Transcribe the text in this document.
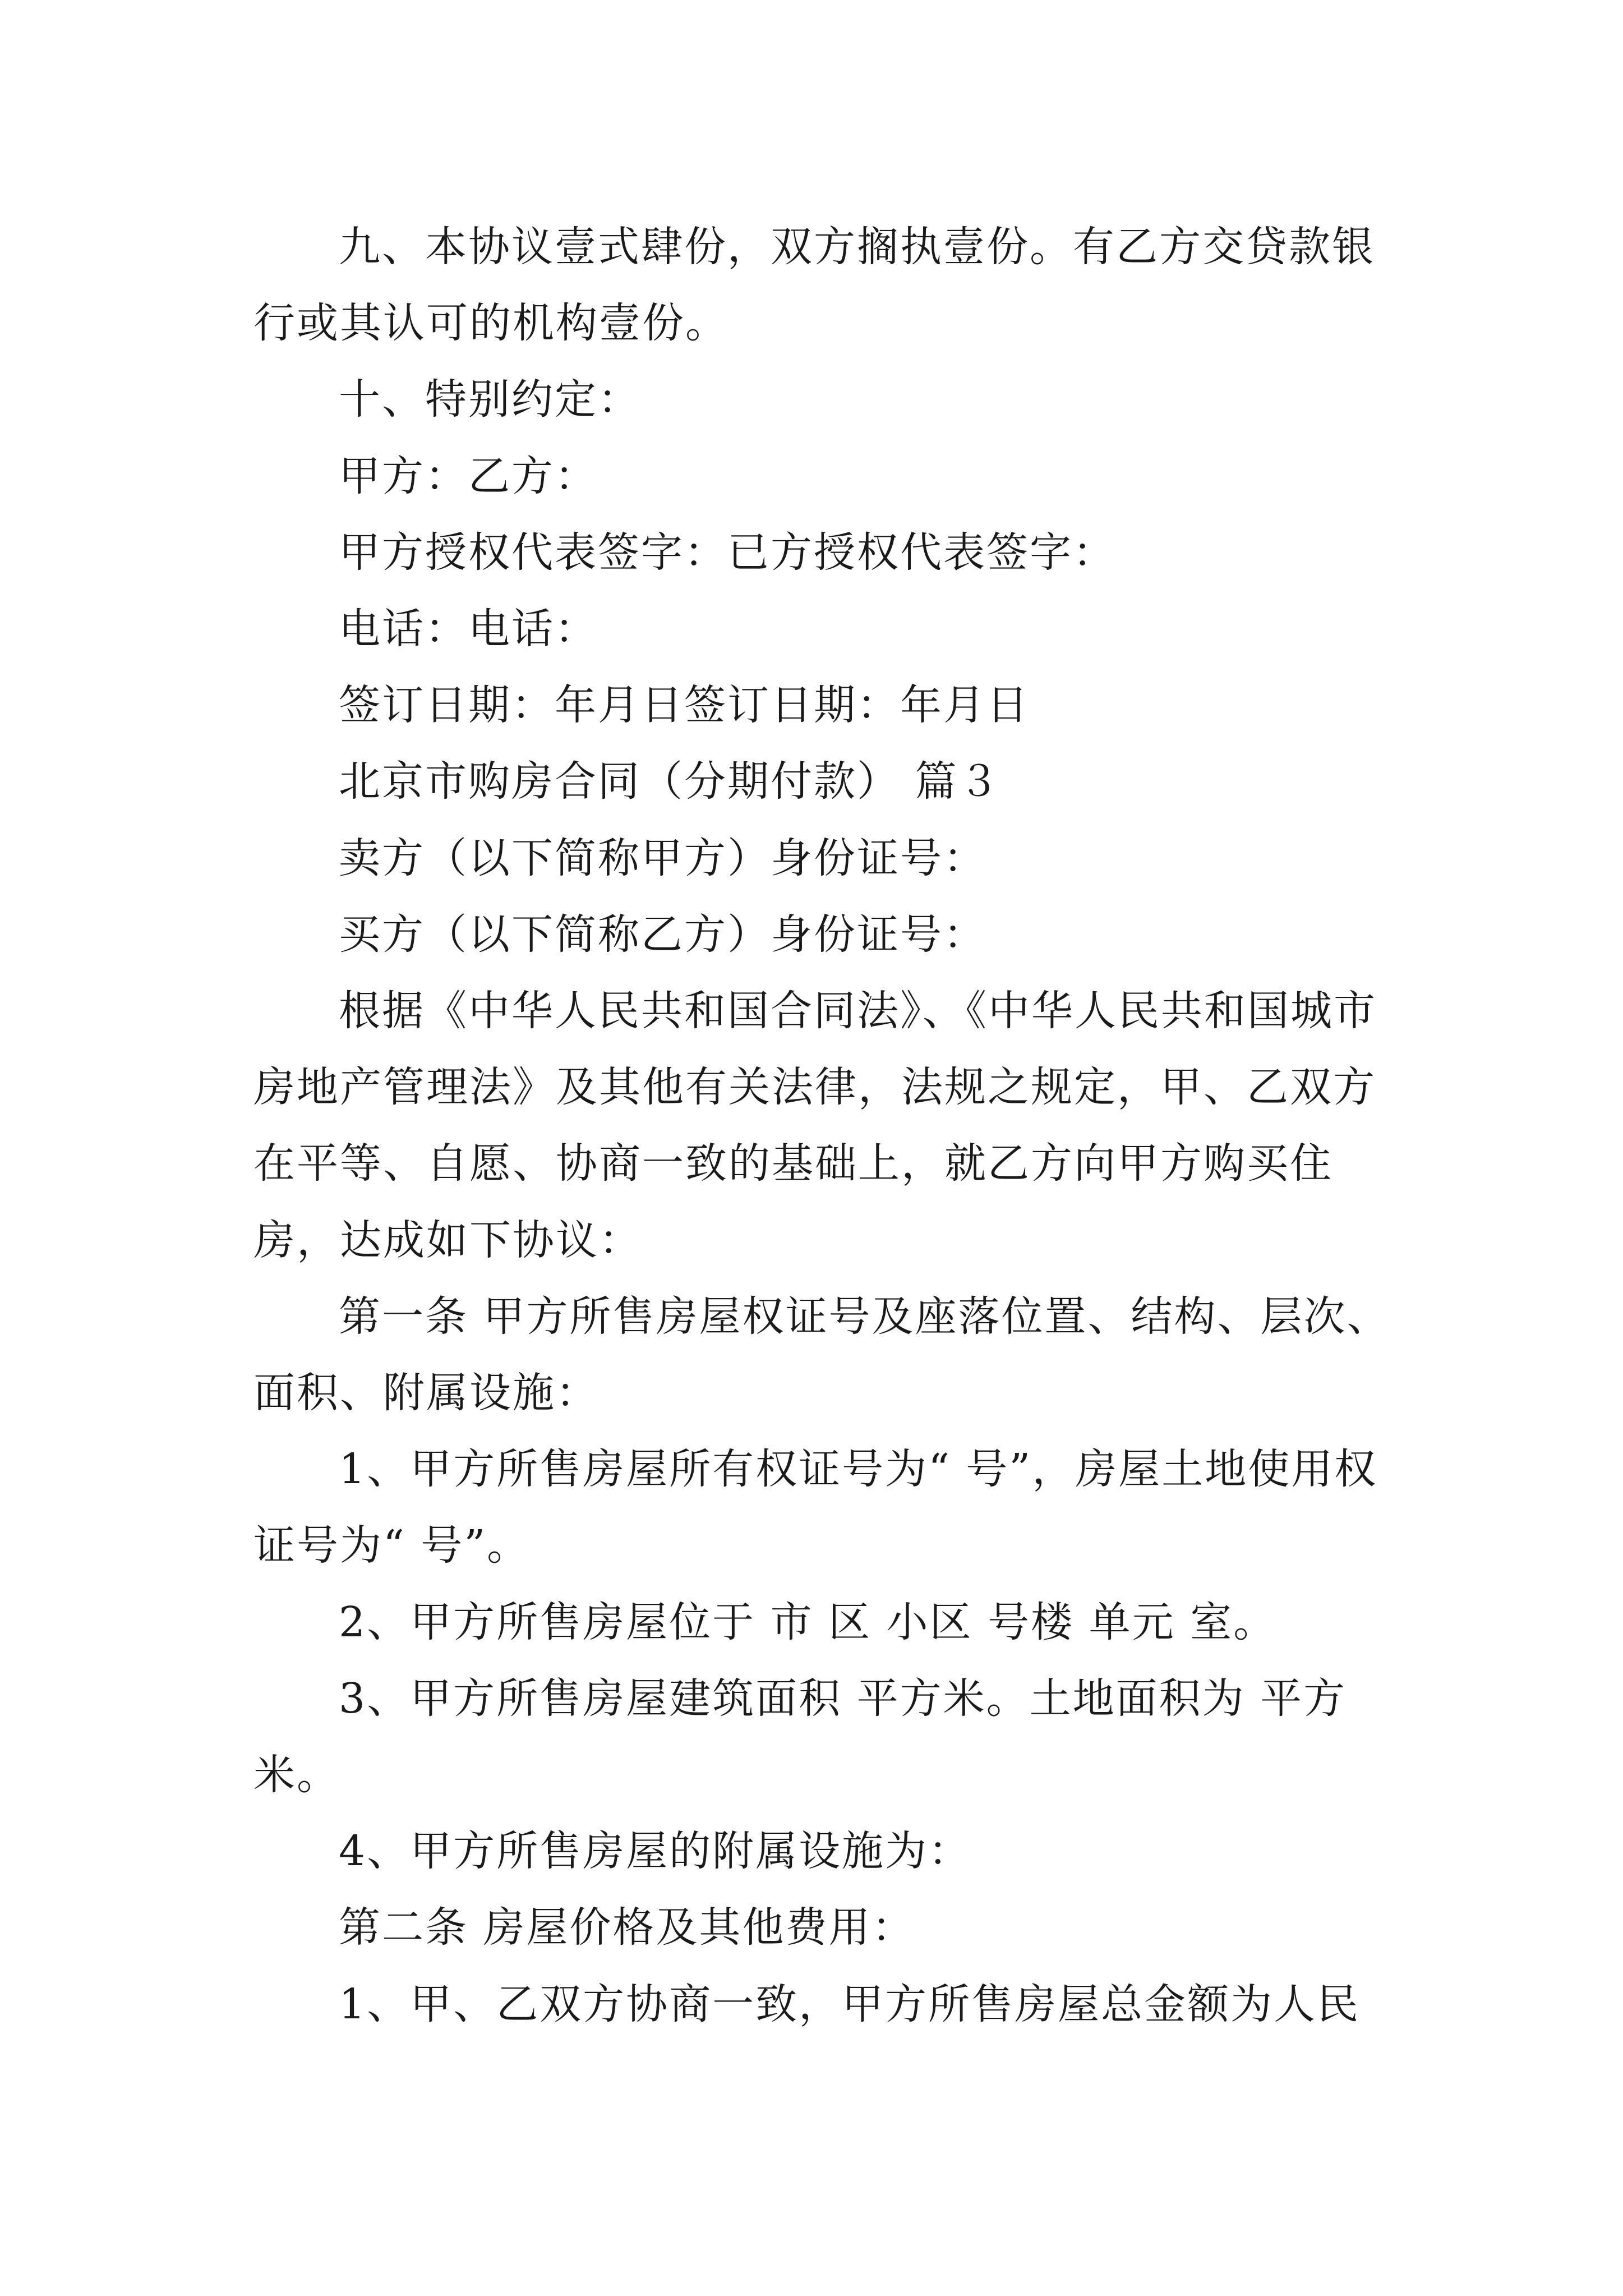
九、本协议壹式肆份，双方搁执壹份。有乙方交贷款银行或其认可的机构壹份。

十、特别约定：

甲方：乙方：

甲方授权代表签字：已方授权代表签字：

电话：电话：

签订日期：年月日签订日期：年月日

北京市购房合同（分期付款） 篇３

卖方（以下简称甲方）身份证号：

买方（以下简称乙方）身份证号：

根据《中华人民共和国合同法》、《中华人民共和国城市房地产管理法》及其他有关法律，法规之规定，甲、乙双方在平等、自愿、协商一致的基础上，就乙方向甲方购买住房，达成如下协议：

第一条 甲方所售房屋权证号及座落位置、结构、层次、面积、附属设施：

1、甲方所售房屋所有权证号为“ 号”，房屋土地使用权证号为“ 号”。

2、甲方所售房屋位于 市 区 小区 号楼 单元 室。

3、甲方所售房屋建筑面积 平方米。土地面积为 平方米。

4、甲方所售房屋的附属设施为：

第二条 房屋价格及其他费用：

1、甲、乙双方协商一致，甲方所售房屋总金额为人民
